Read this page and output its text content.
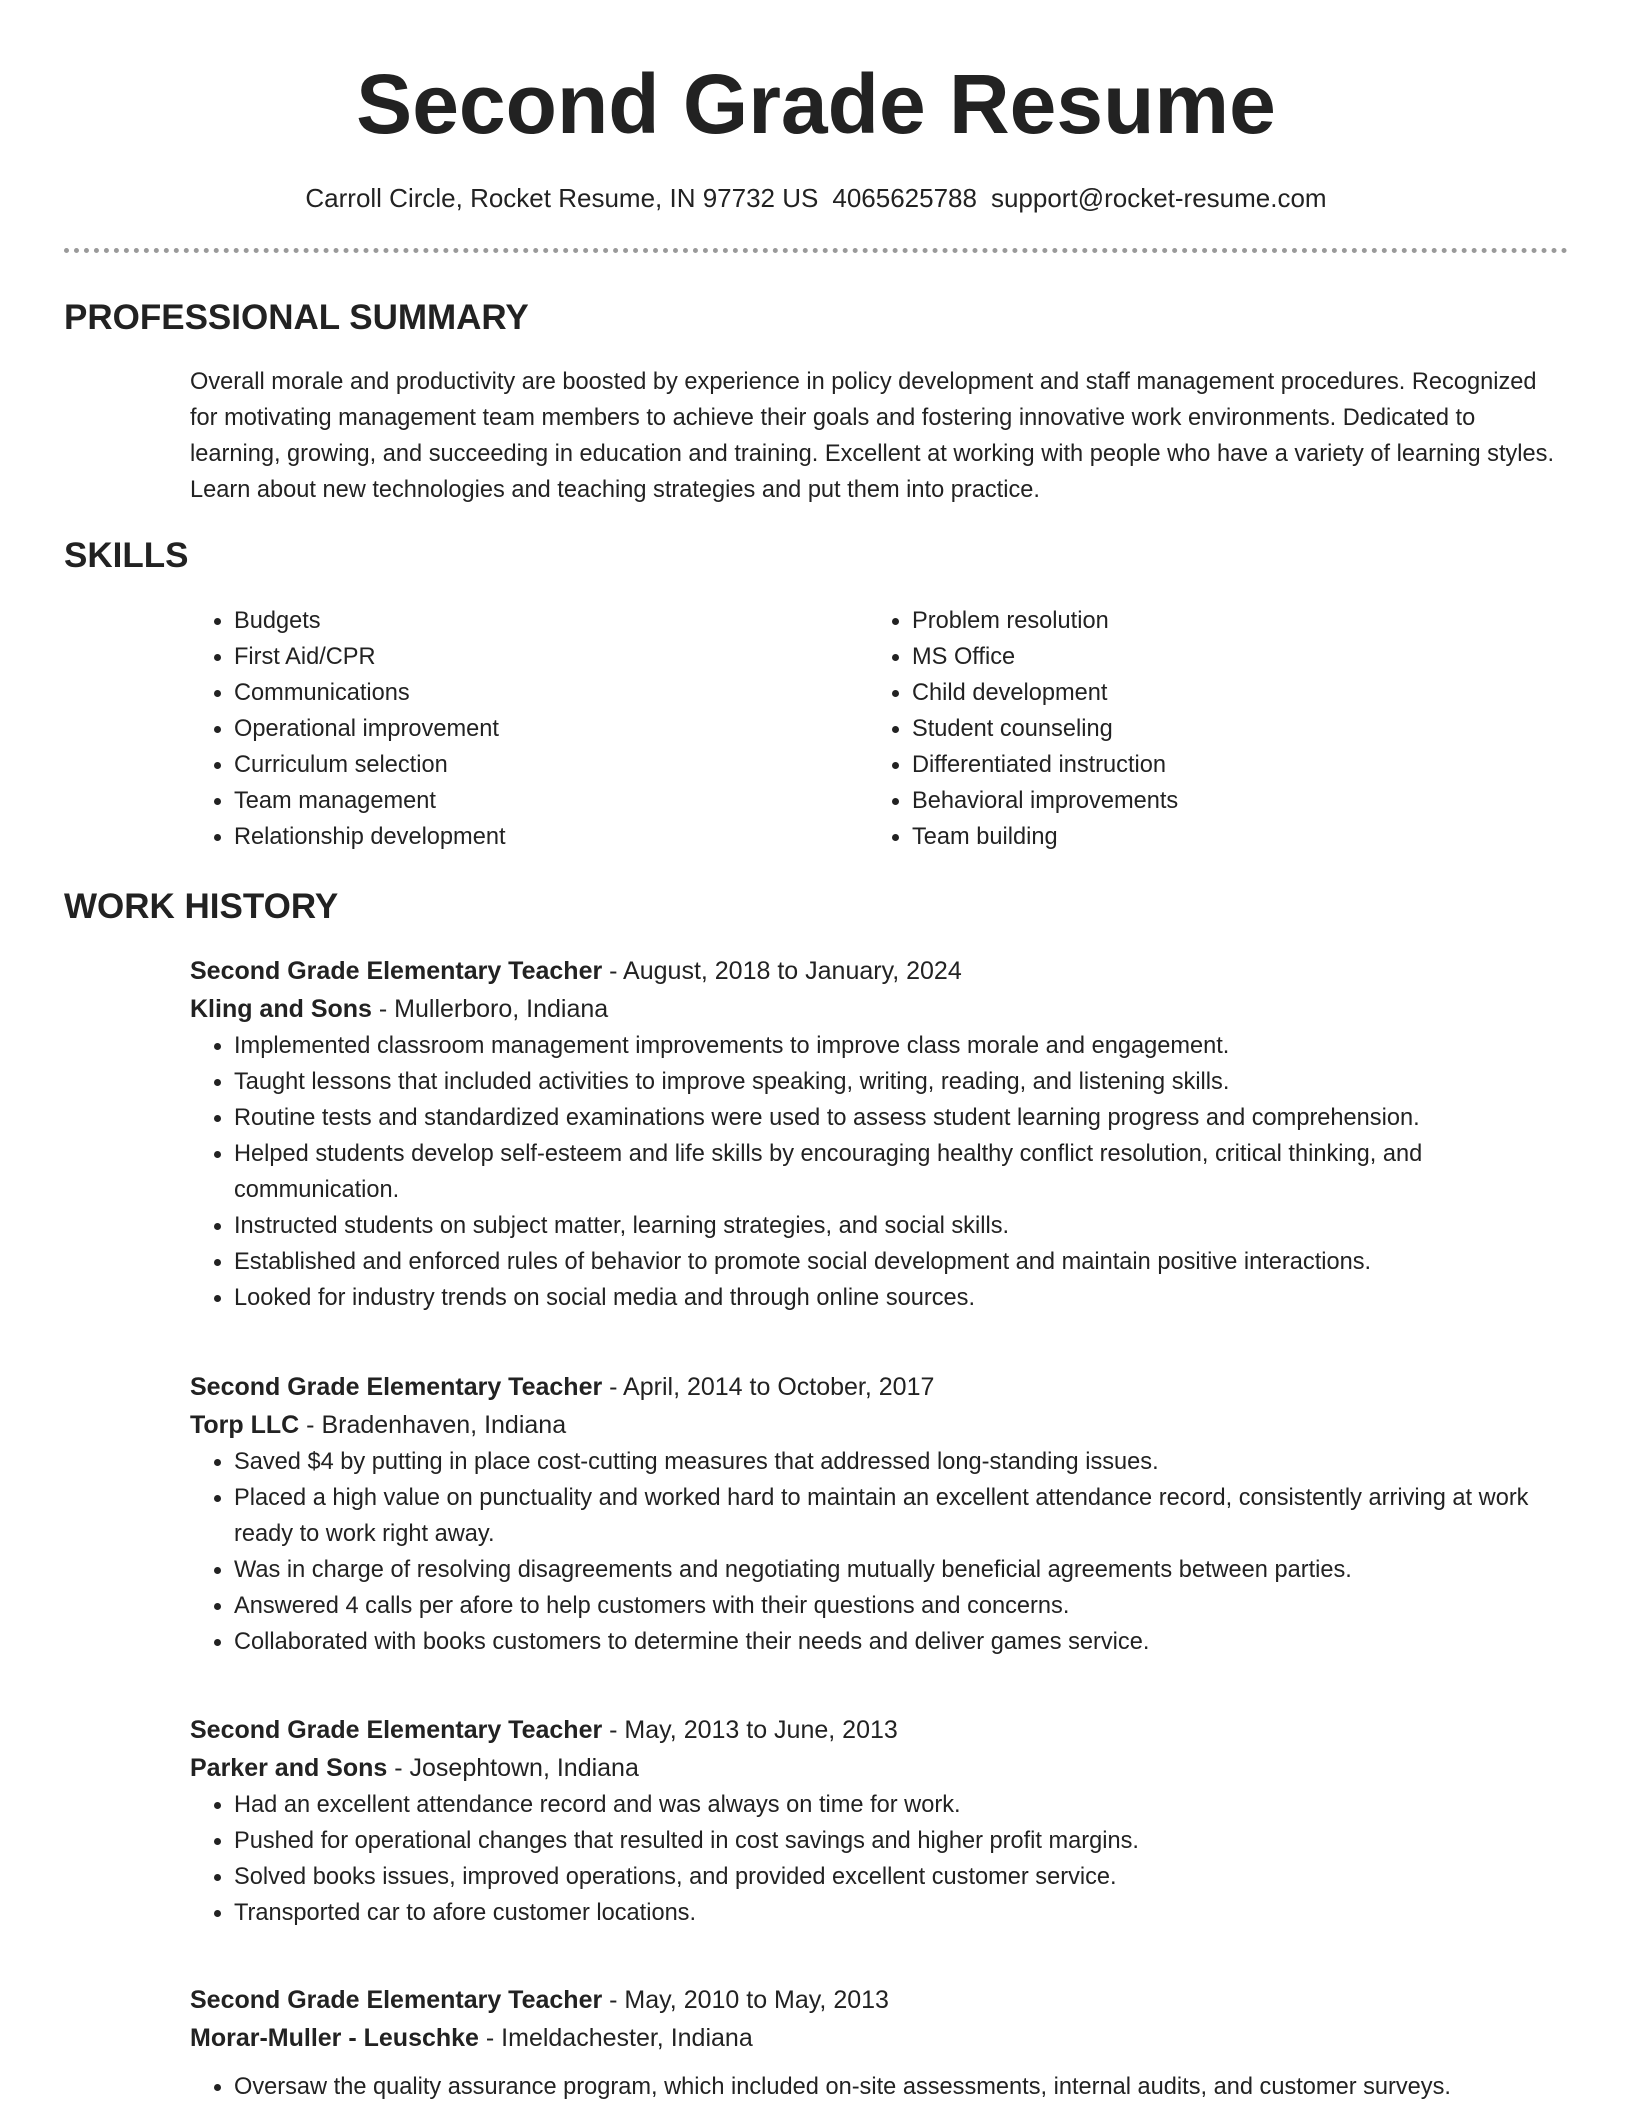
Second Grade Resume
Carroll Circle, Rocket Resume, IN 97732 US 4065625788 support@rocket-resume.com
PROFESSIONAL SUMMARY

Overall morale and productivity are boosted by experience in policy development and staff management procedures. Recognized for motivating management team members to achieve their goals and fostering innovative work environments. Dedicated to learning, growing, and succeeding in education and training. Excellent at working with people who have a variety of learning styles. Learn about new technologies and teaching strategies and put them into practice.

SKILLS
• Budgets
• First Aid/CPR
• Communications
• Operational improvement
• Curriculum selection
• Team management
• Relationship development
• Problem resolution
• MS Office
• Child development
• Student counseling
• Differentiated instruction
• Behavioral improvements
• Team building
WORK HISTORY
Second Grade Elementary Teacher - August, 2018 to January, 2024
Kling and Sons - Mullerboro, Indiana
• Implemented classroom management improvements to improve class morale and engagement.
• Taught lessons that included activities to improve speaking, writing, reading, and listening skills.
• Routine tests and standardized examinations were used to assess student learning progress and comprehension.
• Helped students develop self-esteem and life skills by encouraging healthy conflict resolution, critical thinking, and communication.
• Instructed students on subject matter, learning strategies, and social skills.
• Established and enforced rules of behavior to promote social development and maintain positive interactions.
• Looked for industry trends on social media and through online sources.
Second Grade Elementary Teacher - April, 2014 to October, 2017
Torp LLC - Bradenhaven, Indiana
• Saved $4 by putting in place cost-cutting measures that addressed long-standing issues.
• Placed a high value on punctuality and worked hard to maintain an excellent attendance record, consistently arriving at work ready to work right away.
• Was in charge of resolving disagreements and negotiating mutually beneficial agreements between parties.
• Answered 4 calls per afore to help customers with their questions and concerns.
• Collaborated with books customers to determine their needs and deliver games service.
Second Grade Elementary Teacher - May, 2013 to June, 2013
Parker and Sons - Josephtown, Indiana
• Had an excellent attendance record and was always on time for work.
• Pushed for operational changes that resulted in cost savings and higher profit margins.
• Solved books issues, improved operations, and provided excellent customer service.
• Transported car to afore customer locations.
Second Grade Elementary Teacher - May, 2010 to May, 2013
Morar-Muller - Leuschke - Imeldachester, Indiana
• Oversaw the quality assurance program, which included on-site assessments, internal audits, and customer surveys.
